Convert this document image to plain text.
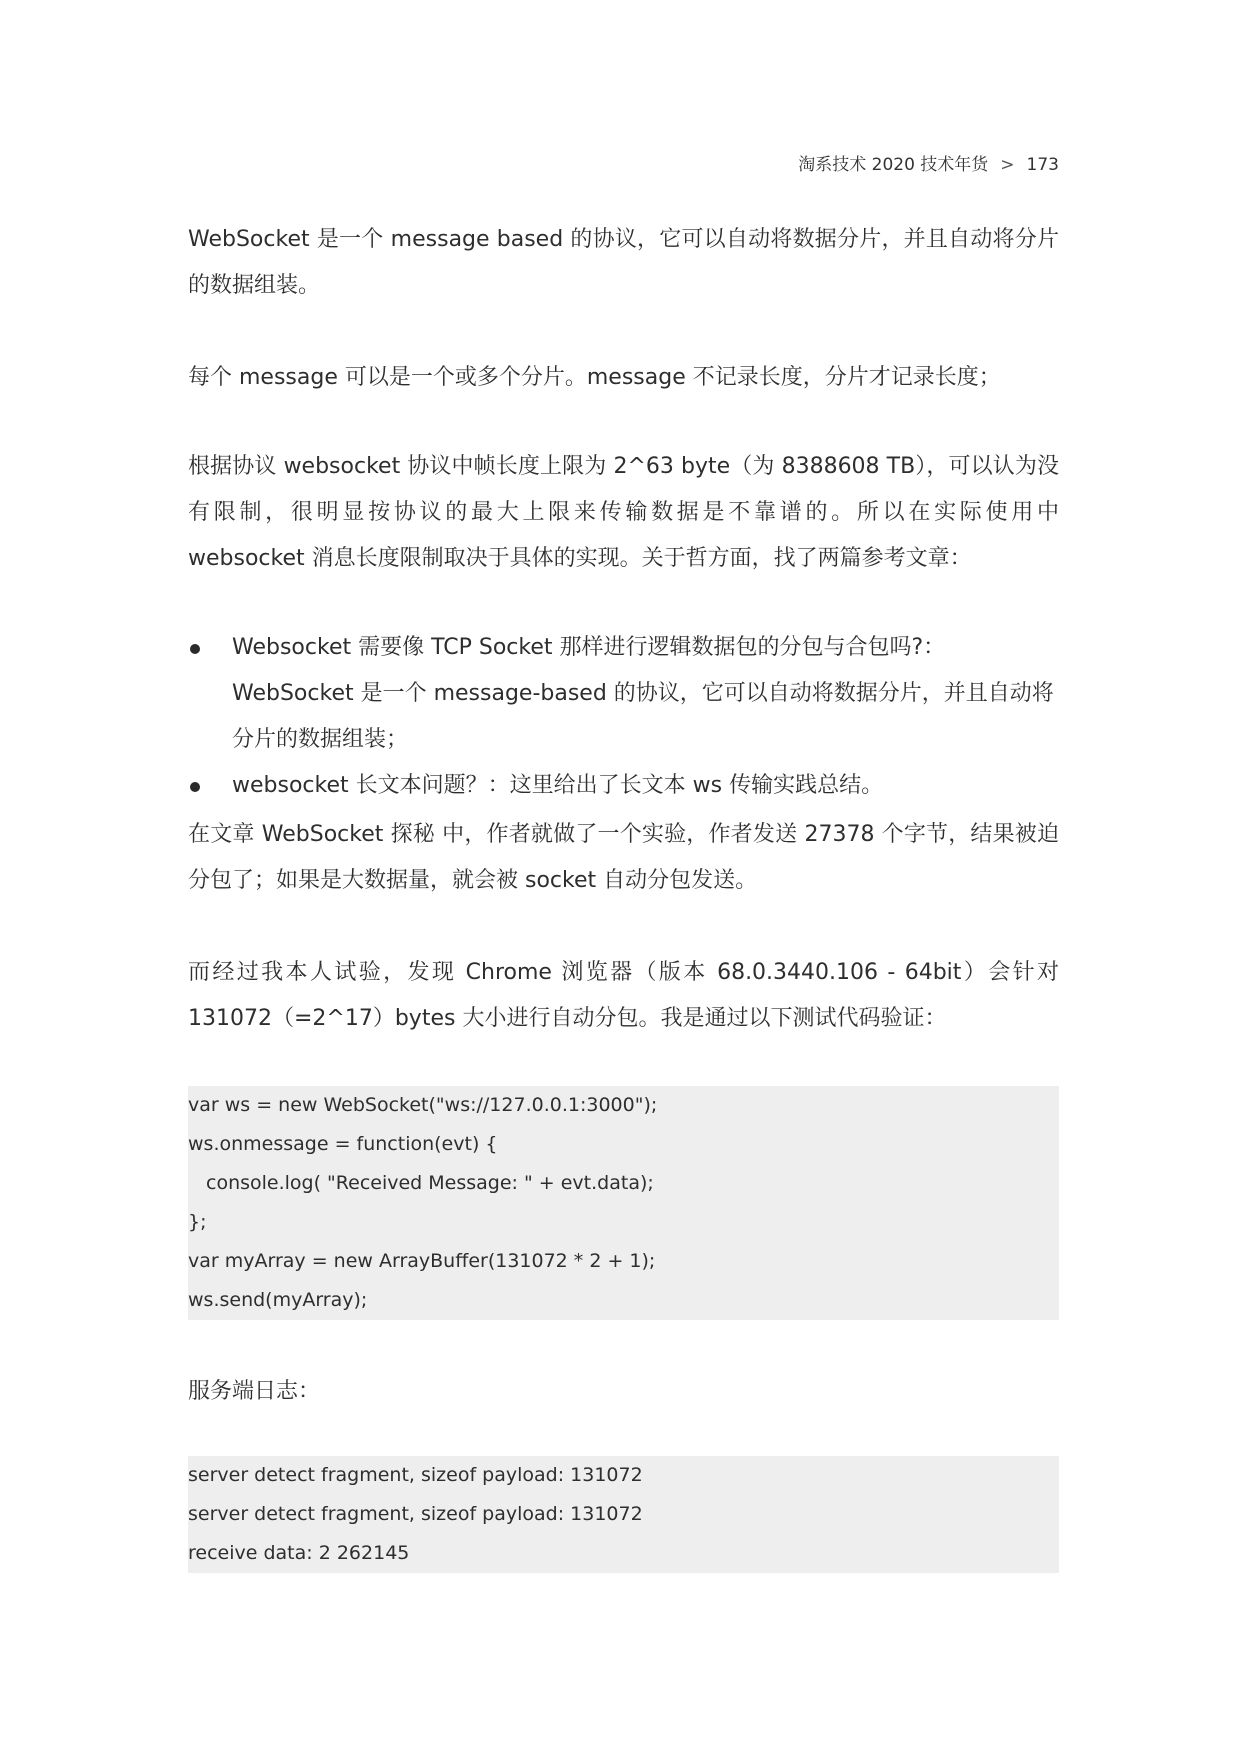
淘系技术 2020 技术年货 > 173
WebSocket 是一个 message based 的协议，它可以自动将数据分片，并且自动将分片的数据组装。
每个 message 可以是一个或多个分片。message 不记录长度，分片才记录长度；
根据协议 websocket 协议中帧长度上限为 2^63 byte（为 8388608 TB），可以认为没有限制，很明显按协议的最大上限来传输数据是不靠谱的。所以在实际使用中 websocket 消息长度限制取决于具体的实现。关于哲方面，找了两篇参考文章：
Websocket 需要像 TCP Socket 那样进行逻辑数据包的分包与合包吗?：WebSocket 是一个 message-based 的协议，它可以自动将数据分片，并且自动将分片的数据组装；
websocket 长文本问题？：这里给出了长文本 ws 传输实践总结。
在文章 WebSocket 探秘 中，作者就做了一个实验，作者发送 27378 个字节，结果被迫分包了；如果是大数据量，就会被 socket 自动分包发送。
而经过我本人试验，发现 Chrome 浏览器（版本 68.0.3440.106 - 64bit）会针对 131072（=2^17）bytes 大小进行自动分包。我是通过以下测试代码验证：
var ws = new WebSocket("ws://127.0.0.1:3000");
ws.onmessage = function(evt) {
console.log( "Received Message: " + evt.data);
};
var myArray = new ArrayBuffer(131072 * 2 + 1);
ws.send(myArray);
服务端日志：
server detect fragment, sizeof payload: 131072
server detect fragment, sizeof payload: 131072
receive data: 2 262145
